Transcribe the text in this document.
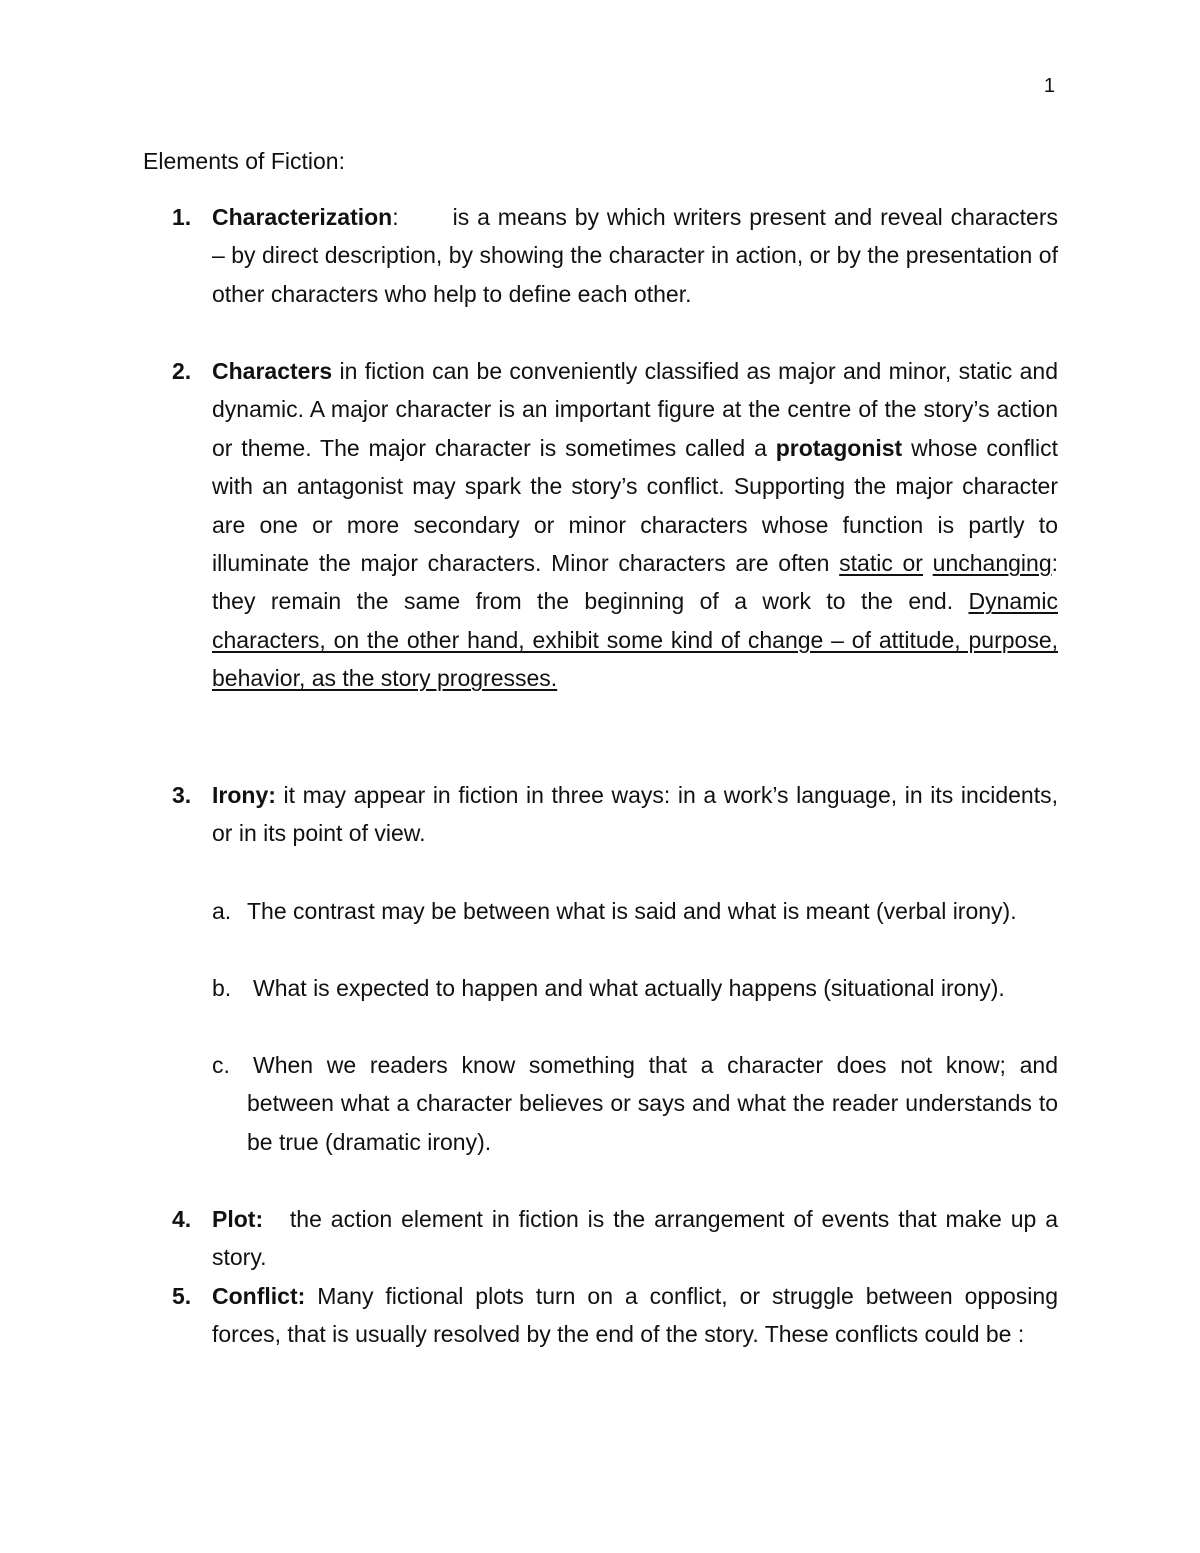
1
Elements of Fiction:
1. Characterization: is a means by which writers present and reveal characters – by direct description, by showing the character in action, or by the presentation of other characters who help to define each other.
2. Characters in fiction can be conveniently classified as major and minor, static and dynamic. A major character is an important figure at the centre of the story’s action or theme. The major character is sometimes called a protagonist whose conflict with an antagonist may spark the story’s conflict. Supporting the major character are one or more secondary or minor characters whose function is partly to illuminate the major characters. Minor characters are often static or unchanging: they remain the same from the beginning of a work to the end. Dynamic characters, on the other hand, exhibit some kind of change – of attitude, purpose, behavior, as the story progresses.
3. Irony: it may appear in fiction in three ways: in a work’s language, in its incidents, or in its point of view.
a. The contrast may be between what is said and what is meant (verbal irony).
b. What is expected to happen and what actually happens (situational irony).
c. When we readers know something that a character does not know; and between what a character believes or says and what the reader understands to be true (dramatic irony).
4. Plot:   the action element in fiction is the arrangement of events that make up a story.
5. Conflict: Many fictional plots turn on a conflict, or struggle between opposing forces, that is usually resolved by the end of the story. These conflicts could be :
